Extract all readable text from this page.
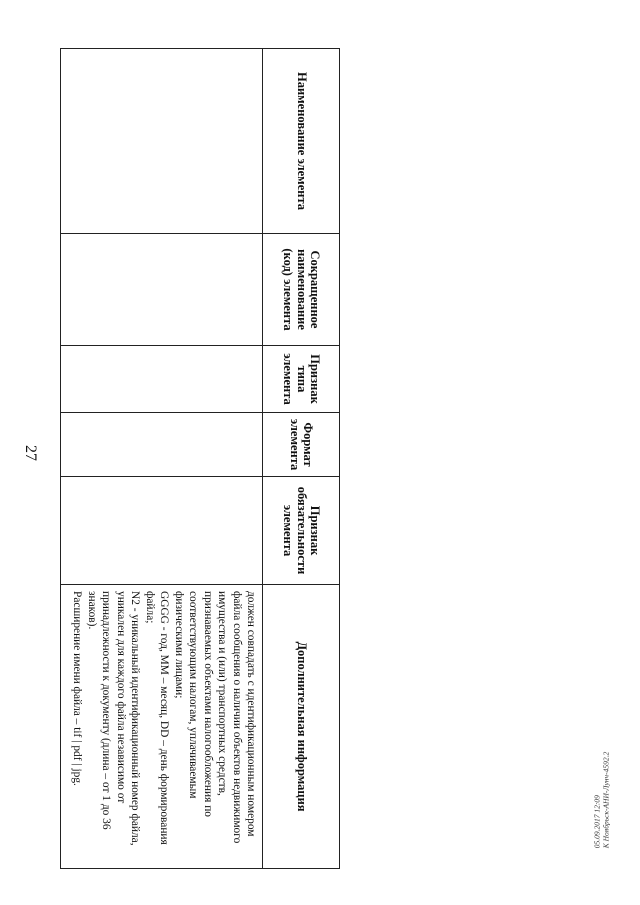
27
Наименование элемента	Сокращенное наименование (код) элемента	Признак типа элемента	Формат элемента	Признак обязательности элемента	Дополнительная информация

					должен совпадать с идентификационным номером файла сообщения о наличии объектов недвижимого имущества и (или) транспортных средств, признаваемых объектами налогообложения по соответствующим налогам, уплачиваемым физическими лицами;

GGGG - год, MM – месяц, DD – день формирования файла;

N2 - уникальный идентификационный номер файла, уникален для каждого файла независимо от принадлежности к документу (длина – от 1 до 36 знаков).

Расширение имени файла – tif | pdf | jpg.

05.09.2017 12:09 К Ноябрьск-АНИ-Лунч-4592.2
